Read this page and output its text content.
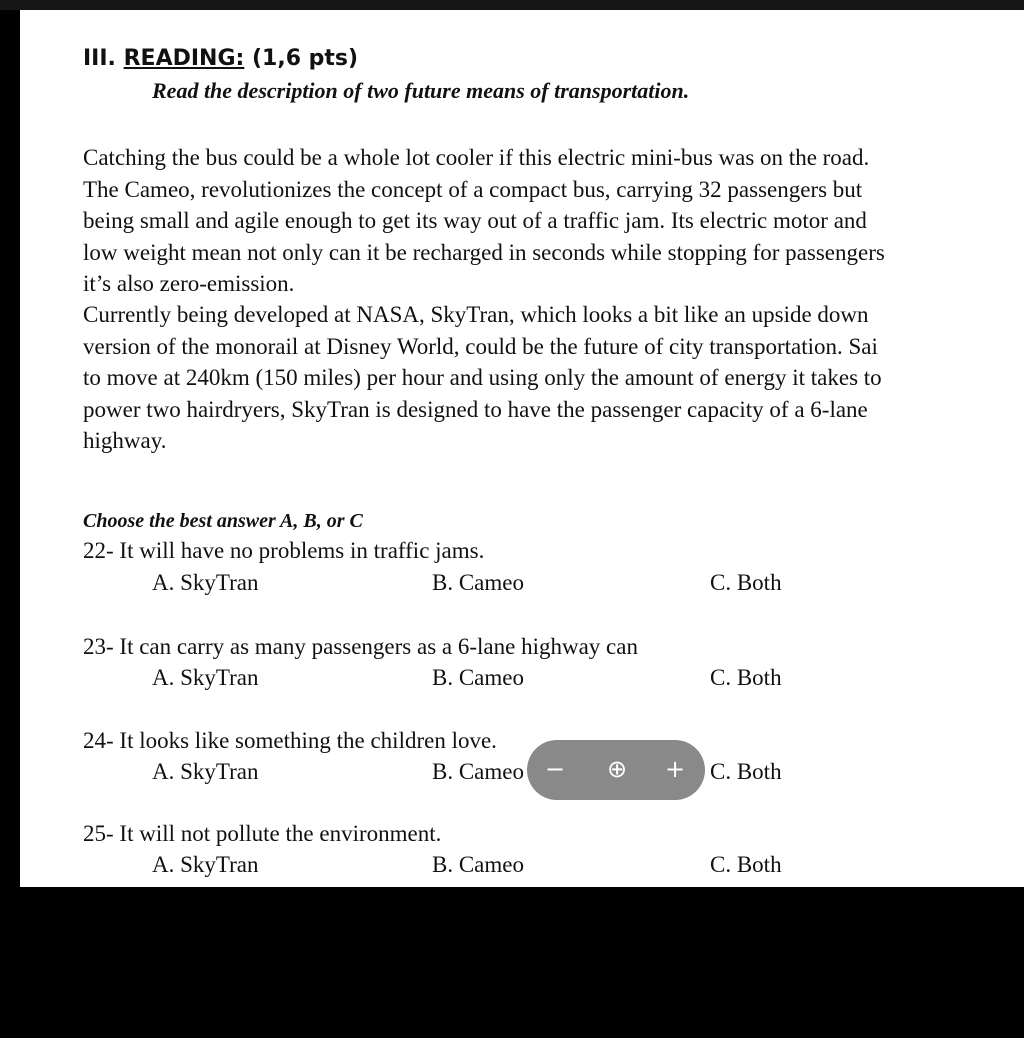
III. READING: (1,6 pts)
Read the description of two future means of transportation.
Catching the bus could be a whole lot cooler if this electric mini-bus was on the road.
The Cameo, revolutionizes the concept of a compact bus, carrying 32 passengers but
being small and agile enough to get its way out of a traffic jam. Its electric motor and
low weight mean not only can it be recharged in seconds while stopping for passengers
it’s also zero-emission.
Currently being developed at NASA, SkyTran, which looks a bit like an upside down
version of the monorail at Disney World, could be the future of city transportation. Sai
to move at 240km (150 miles) per hour and using only the amount of energy it takes to
power two hairdryers, SkyTran is designed to have the passenger capacity of a 6-lane
highway.
Choose the best answer A, B, or C
22- It will have no problems in traffic jams.
A. SkyTran	B. Cameo	C. Both
23- It can carry as many passengers as a 6-lane highway can
A. SkyTran	B. Cameo	C. Both
24- It looks like something the children love.
A. SkyTran	B. Cameo	C. Both
25- It will not pollute the environment.
A. SkyTran	B. Cameo	C. Both
−	⊕	+
